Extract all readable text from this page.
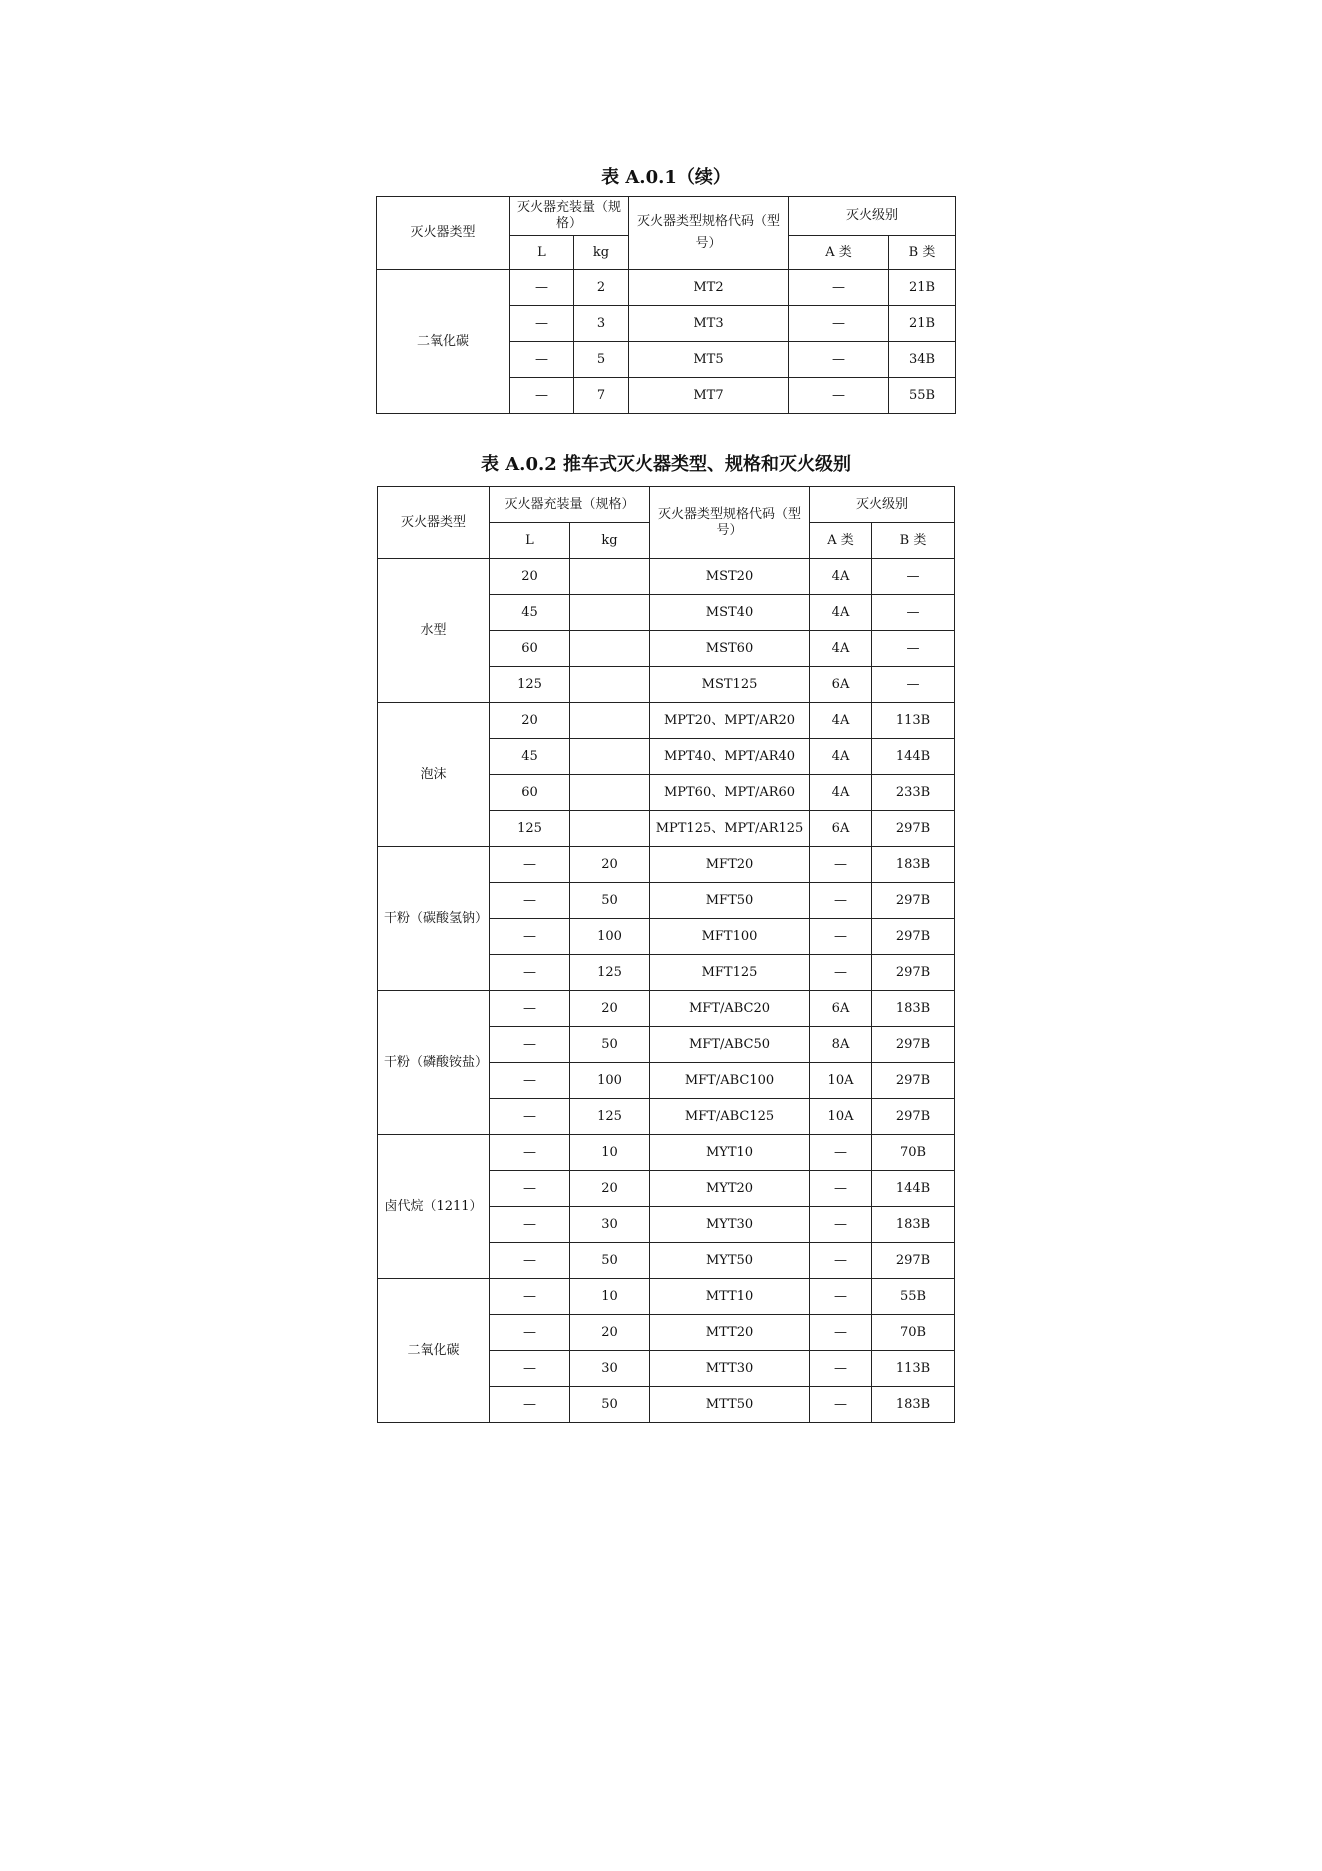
表 A.0.1（续）
灭火器类型	灭火器充装量（规格）		灭火器类型规格代码（型号）	灭火级别	
	L	kg		A 类	B 类
二氧化碳	—	2	MT2	—	21B
	—	3	MT3	—	21B
	—	5	MT5	—	34B
	—	7	MT7	—	55B
表 A.0.2 推车式灭火器类型、规格和灭火级别
灭火器类型	灭火器充装量（规格）		灭火器类型规格代码（型号）	灭火级别	
	L	kg		A 类	B 类
水型	20		MST20	4A	—
	45		MST40	4A	—
	60		MST60	4A	—
	125		MST125	6A	—
泡沫	20		MPT20、MPT/AR20	4A	113B
	45		MPT40、MPT/AR40	4A	144B
	60		MPT60、MPT/AR60	4A	233B
	125		MPT125、MPT/AR125	6A	297B
干粉（碳酸氢钠）	—	20	MFT20	—	183B
	—	50	MFT50	—	297B
	—	100	MFT100	—	297B
	—	125	MFT125	—	297B
干粉（磷酸铵盐）	—	20	MFT/ABC20	6A	183B
	—	50	MFT/ABC50	8A	297B
	—	100	MFT/ABC100	10A	297B
	—	125	MFT/ABC125	10A	297B
卤代烷（1211）	—	10	MYT10	—	70B
	—	20	MYT20	—	144B
	—	30	MYT30	—	183B
	—	50	MYT50	—	297B
二氧化碳	—	10	MTT10	—	55B
	—	20	MTT20	—	70B
	—	30	MTT30	—	113B
	—	50	MTT50	—	183B
